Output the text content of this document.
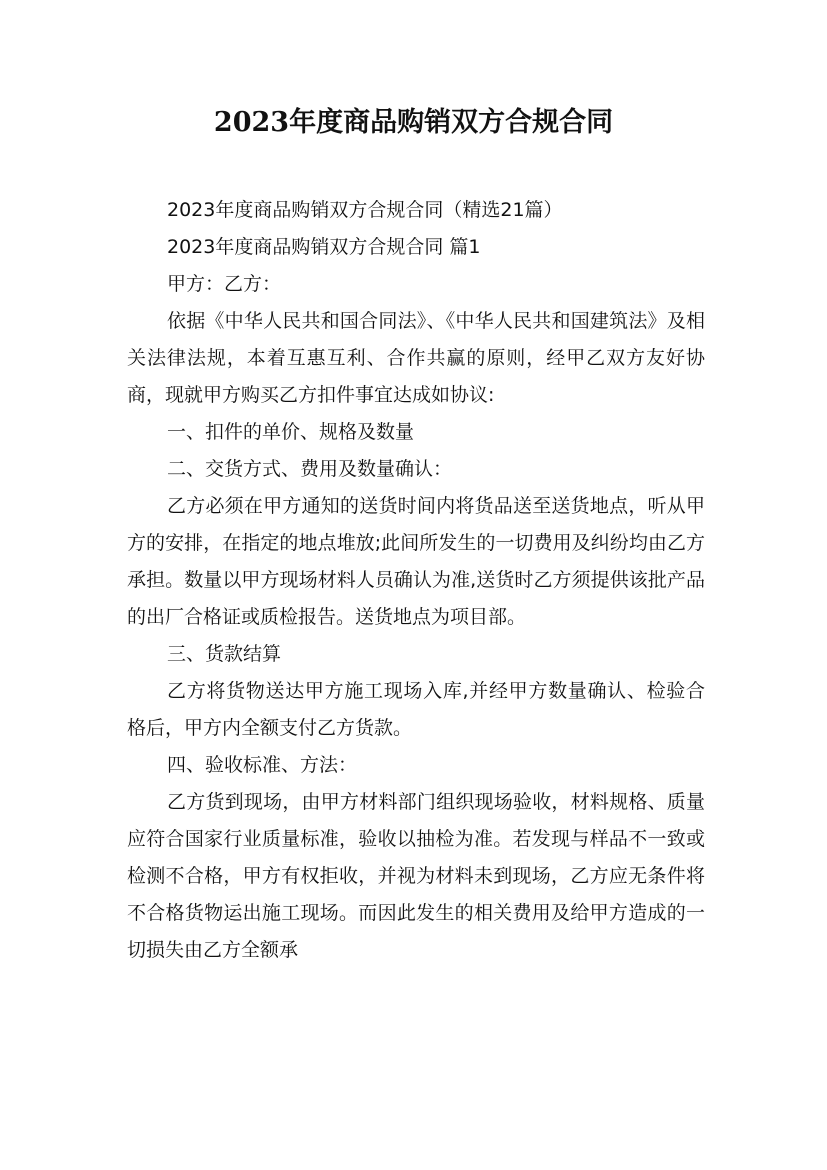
2023年度商品购销双方合规合同

2023年度商品购销双方合规合同（精选21篇）

2023年度商品购销双方合规合同 篇1

甲方：乙方：

依据《中华人民共和国合同法》、《中华人民共和国建筑法》及相关法律法规，本着互惠互利、合作共赢的原则，经甲乙双方友好协商，现就甲方购买乙方扣件事宜达成如协议:

一、扣件的单价、规格及数量

二、交货方式、费用及数量确认：

乙方必须在甲方通知的送货时间内将货品送至送货地点，听从甲方的安排，在指定的地点堆放;此间所发生的一切费用及纠纷均由乙方承担。数量以甲方现场材料人员确认为准,送货时乙方须提供该批产品的出厂合格证或质检报告。送货地点为项目部。

三、货款结算

乙方将货物送达甲方施工现场入库,并经甲方数量确认、检验合格后，甲方内全额支付乙方货款。

四、验收标准、方法：

乙方货到现场，由甲方材料部门组织现场验收，材料规格、质量应符合国家行业质量标准，验收以抽检为准。若发现与样品不一致或检测不合格，甲方有权拒收，并视为材料未到现场，乙方应无条件将不合格货物运出施工现场。而因此发生的相关费用及给甲方造成的一切损失由乙方全额承
